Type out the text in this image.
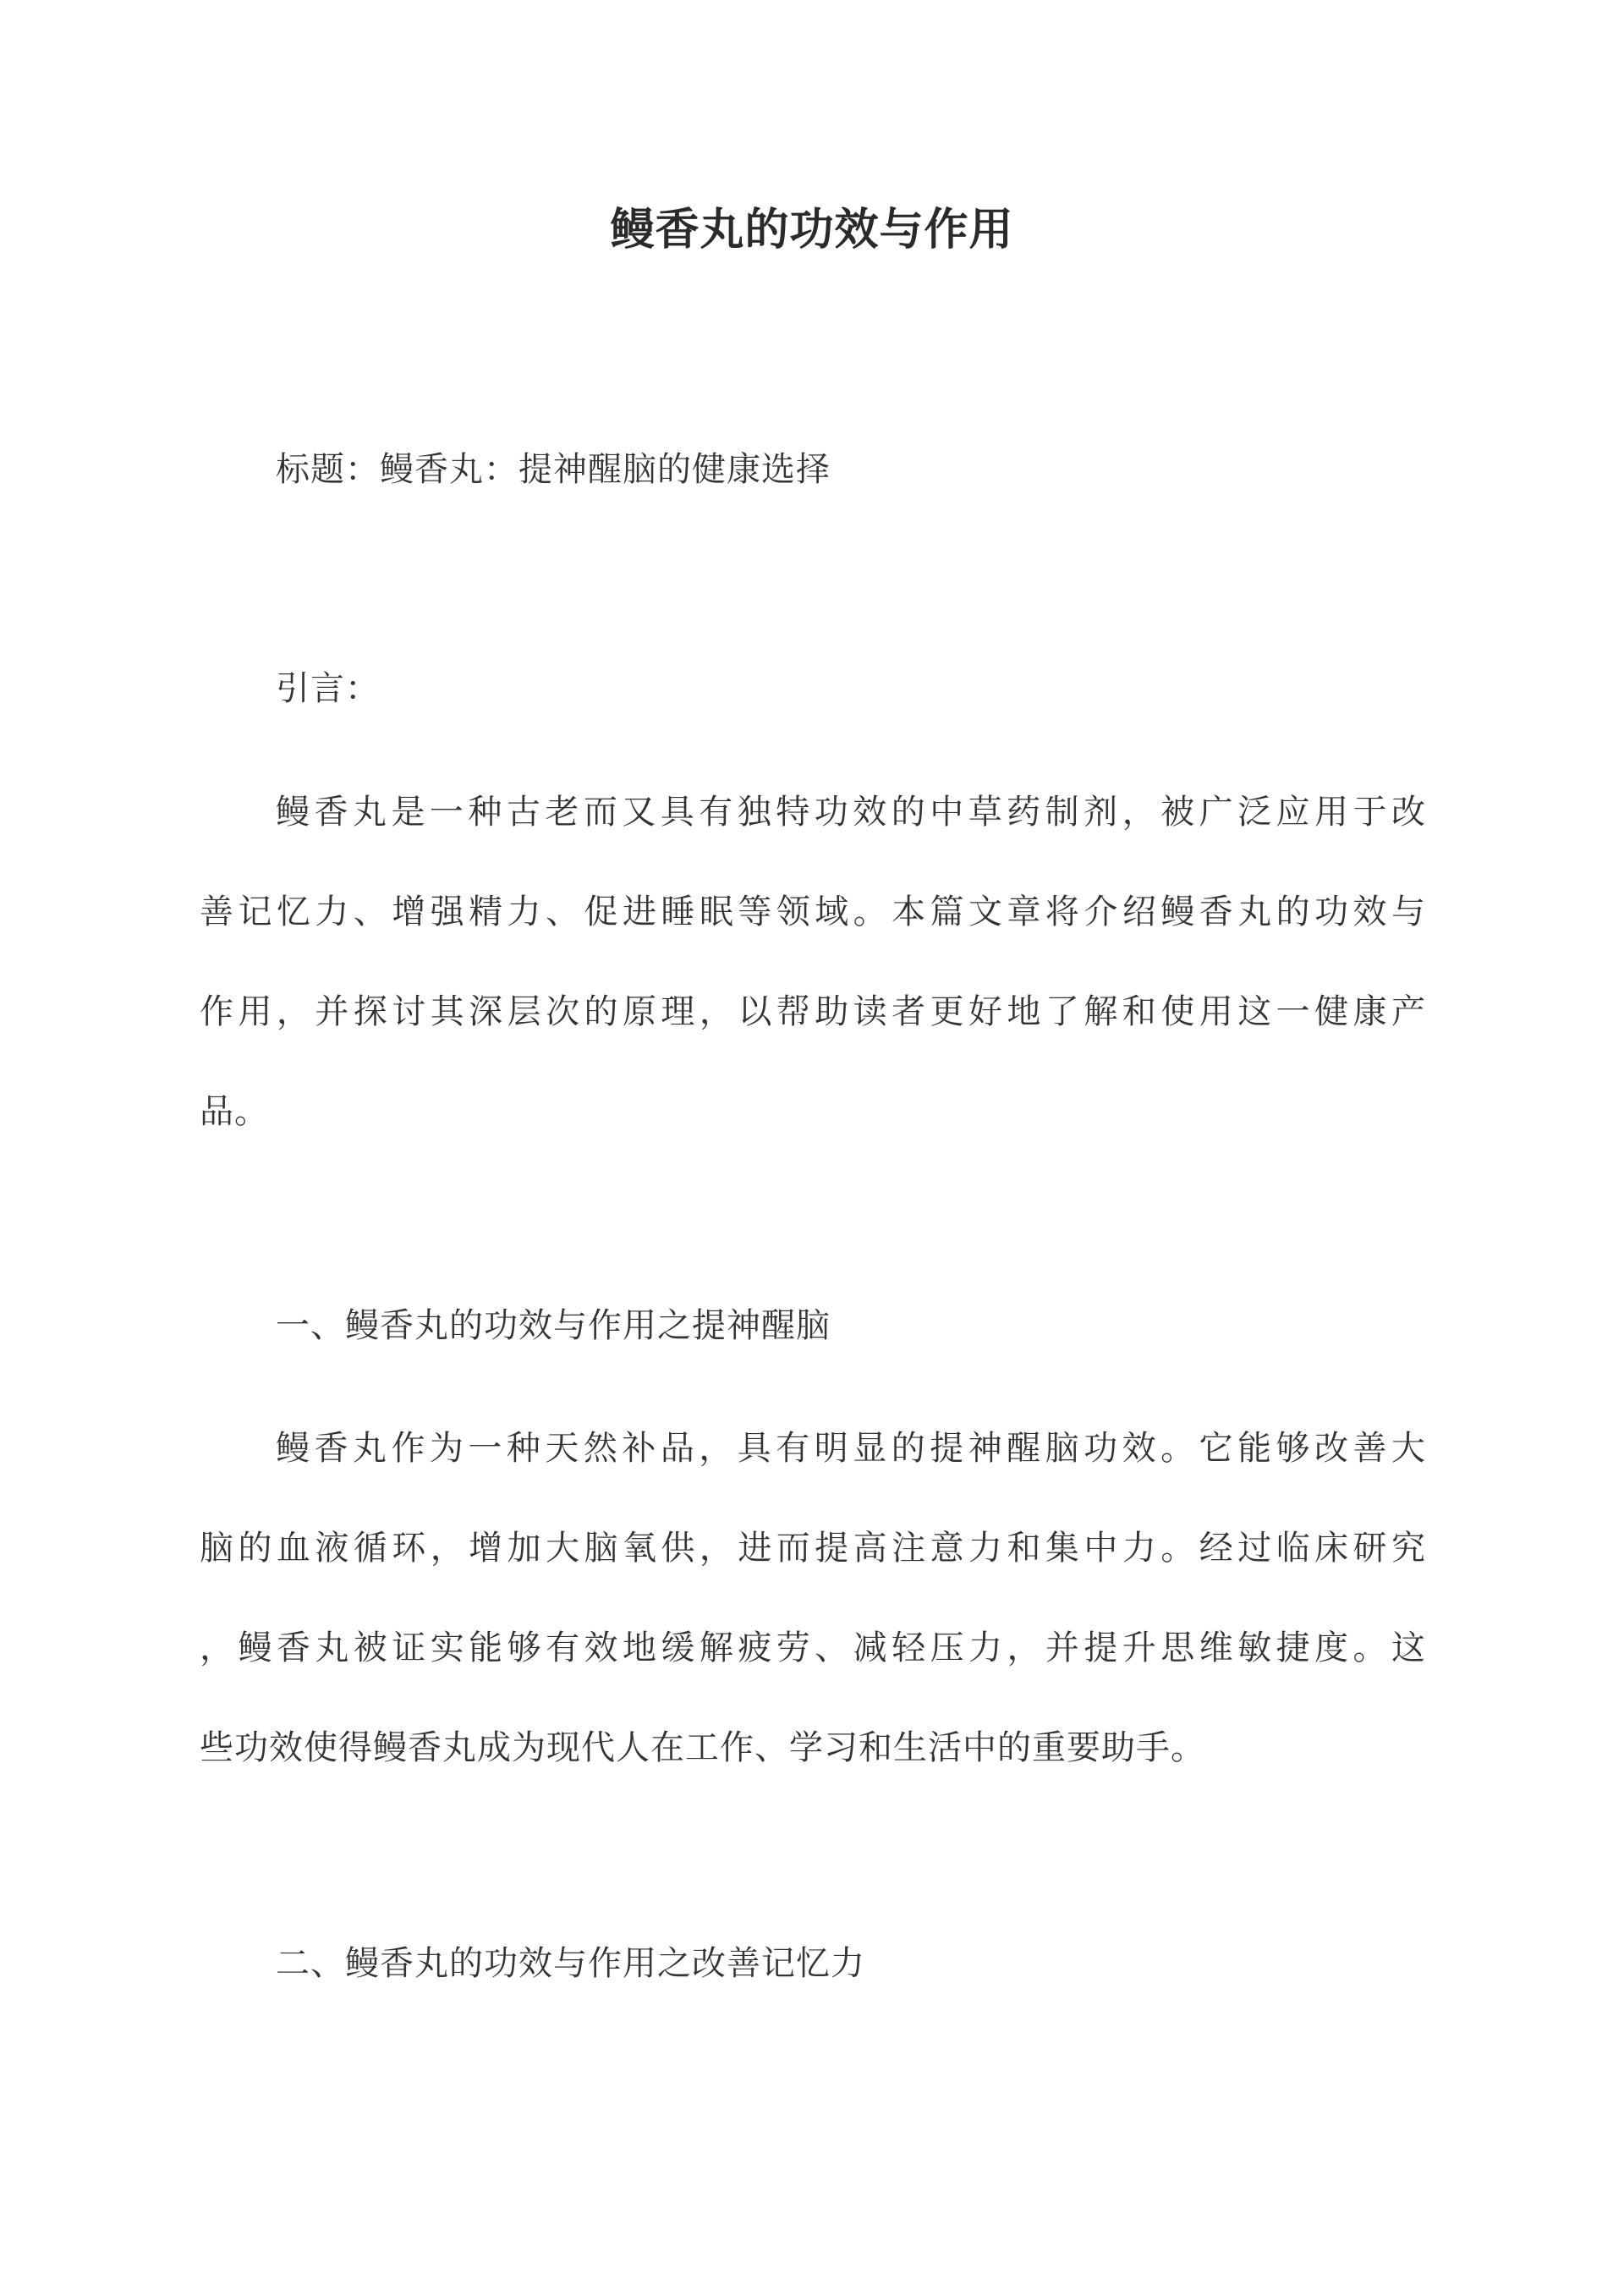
鳗香丸的功效与作用
标题：鳗香丸：提神醒脑的健康选择
引言：
鳗香丸是一种古老而又具有独特功效的中草药制剂，被广泛应用于改
善记忆力、增强精力、促进睡眠等领域。本篇文章将介绍鳗香丸的功效与
作用，并探讨其深层次的原理，以帮助读者更好地了解和使用这一健康产
品。
一、鳗香丸的功效与作用之提神醒脑
鳗香丸作为一种天然补品，具有明显的提神醒脑功效。它能够改善大
脑的血液循环，增加大脑氧供，进而提高注意力和集中力。经过临床研究
，鳗香丸被证实能够有效地缓解疲劳、减轻压力，并提升思维敏捷度。这
些功效使得鳗香丸成为现代人在工作、学习和生活中的重要助手。
二、鳗香丸的功效与作用之改善记忆力
